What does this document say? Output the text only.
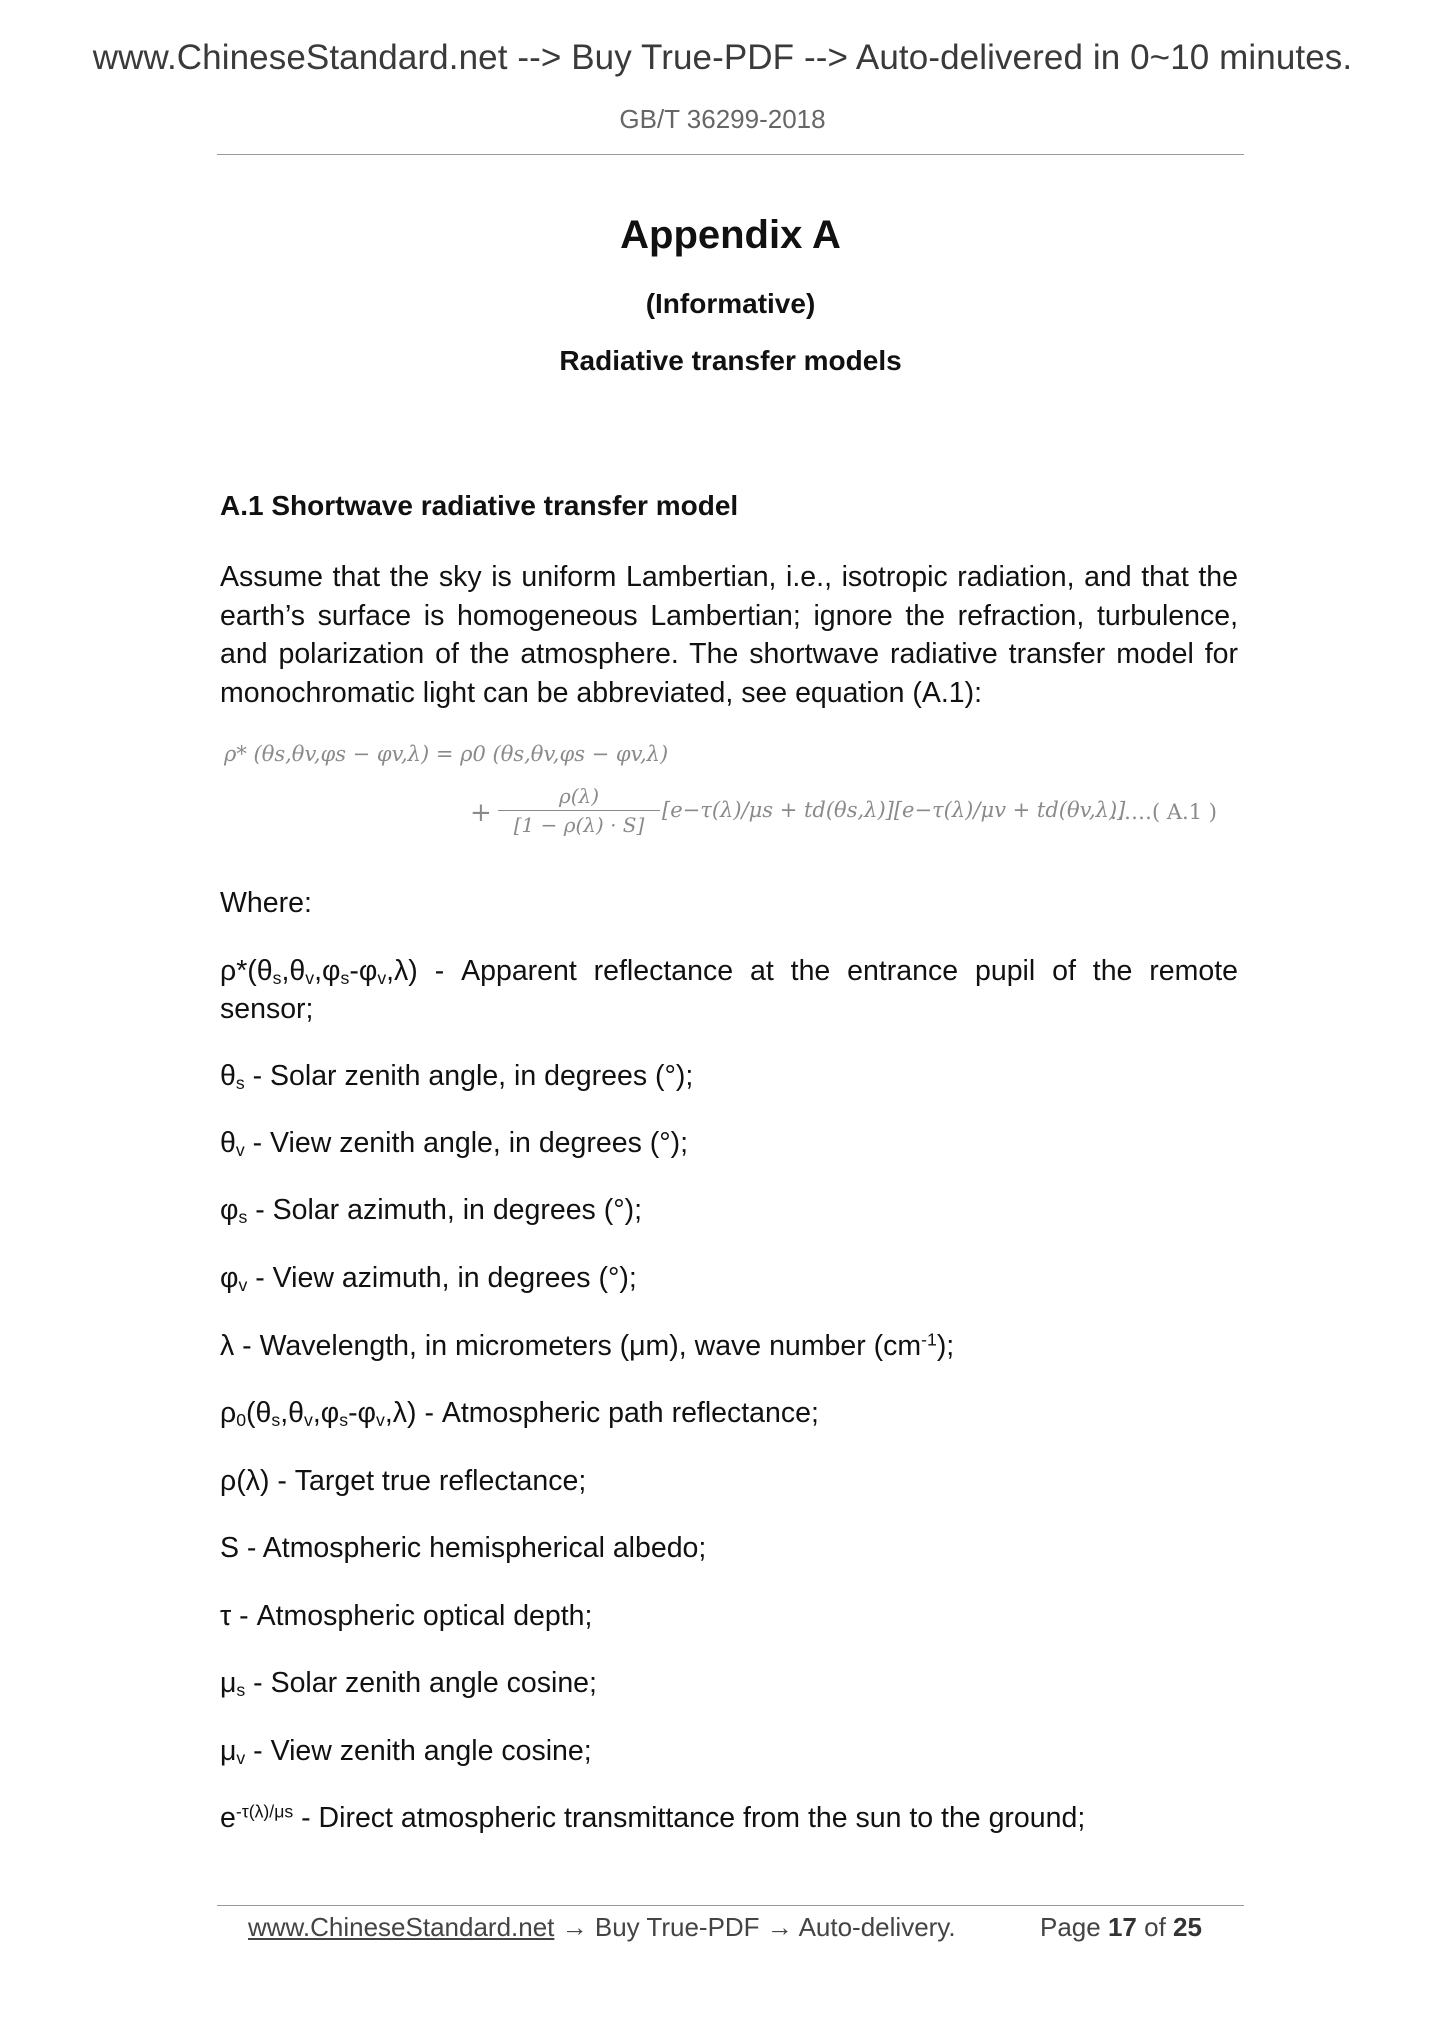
www.ChineseStandard.net --> Buy True-PDF --> Auto-delivered in 0~10 minutes.
GB/T 36299-2018
Appendix A
(Informative)
Radiative transfer models
A.1 Shortwave radiative transfer model
Assume that the sky is uniform Lambertian, i.e., isotropic radiation, and that the earth’s surface is homogeneous Lambertian; ignore the refraction, turbulence, and polarization of the atmosphere. The shortwave radiative transfer model for monochromatic light can be abbreviated, see equation (A.1):
ρ* (θs,θv,φs − φv,λ) = ρ0 (θs,θv,φs − φv,λ)
+
ρ(λ)
[1 − ρ(λ) · S]
[e−τ(λ)/μs + td(θs,λ)][e−τ(λ)/μv + td(θv,λ)]
……( A.1 )
Where:
$\rho*(\theta_s,\theta_v,\varphi_s-\varphi_v,\lambda)$ - Apparent reflectance at the entrance pupil of the remote sensor;
$\theta_s$ - Solar zenith angle, in degrees (°);
$\theta_v$ - View zenith angle, in degrees (°);
$\varphi_s$ - Solar azimuth, in degrees (°);
$\varphi_v$ - View azimuth, in degrees (°);
λ - Wavelength, in micrometers (μm), wave number $(cm^{-1})$;
$\rho_0(\theta_s,\theta_v,\varphi_s-\varphi_v,\lambda)$ - Atmospheric path reflectance;
ρ(λ) - Target true reflectance;
S - Atmospheric hemispherical albedo;
τ - Atmospheric optical depth;
$\mu_s$ - Solar zenith angle cosine;
$\mu_v$ - View zenith angle cosine;
$e^{-\tau(\lambda)/\mu s}$ - Direct atmospheric transmittance from the sun to the ground;
www.ChineseStandard.net → Buy True-PDF → Auto-delivery.	Page 17 of 25
